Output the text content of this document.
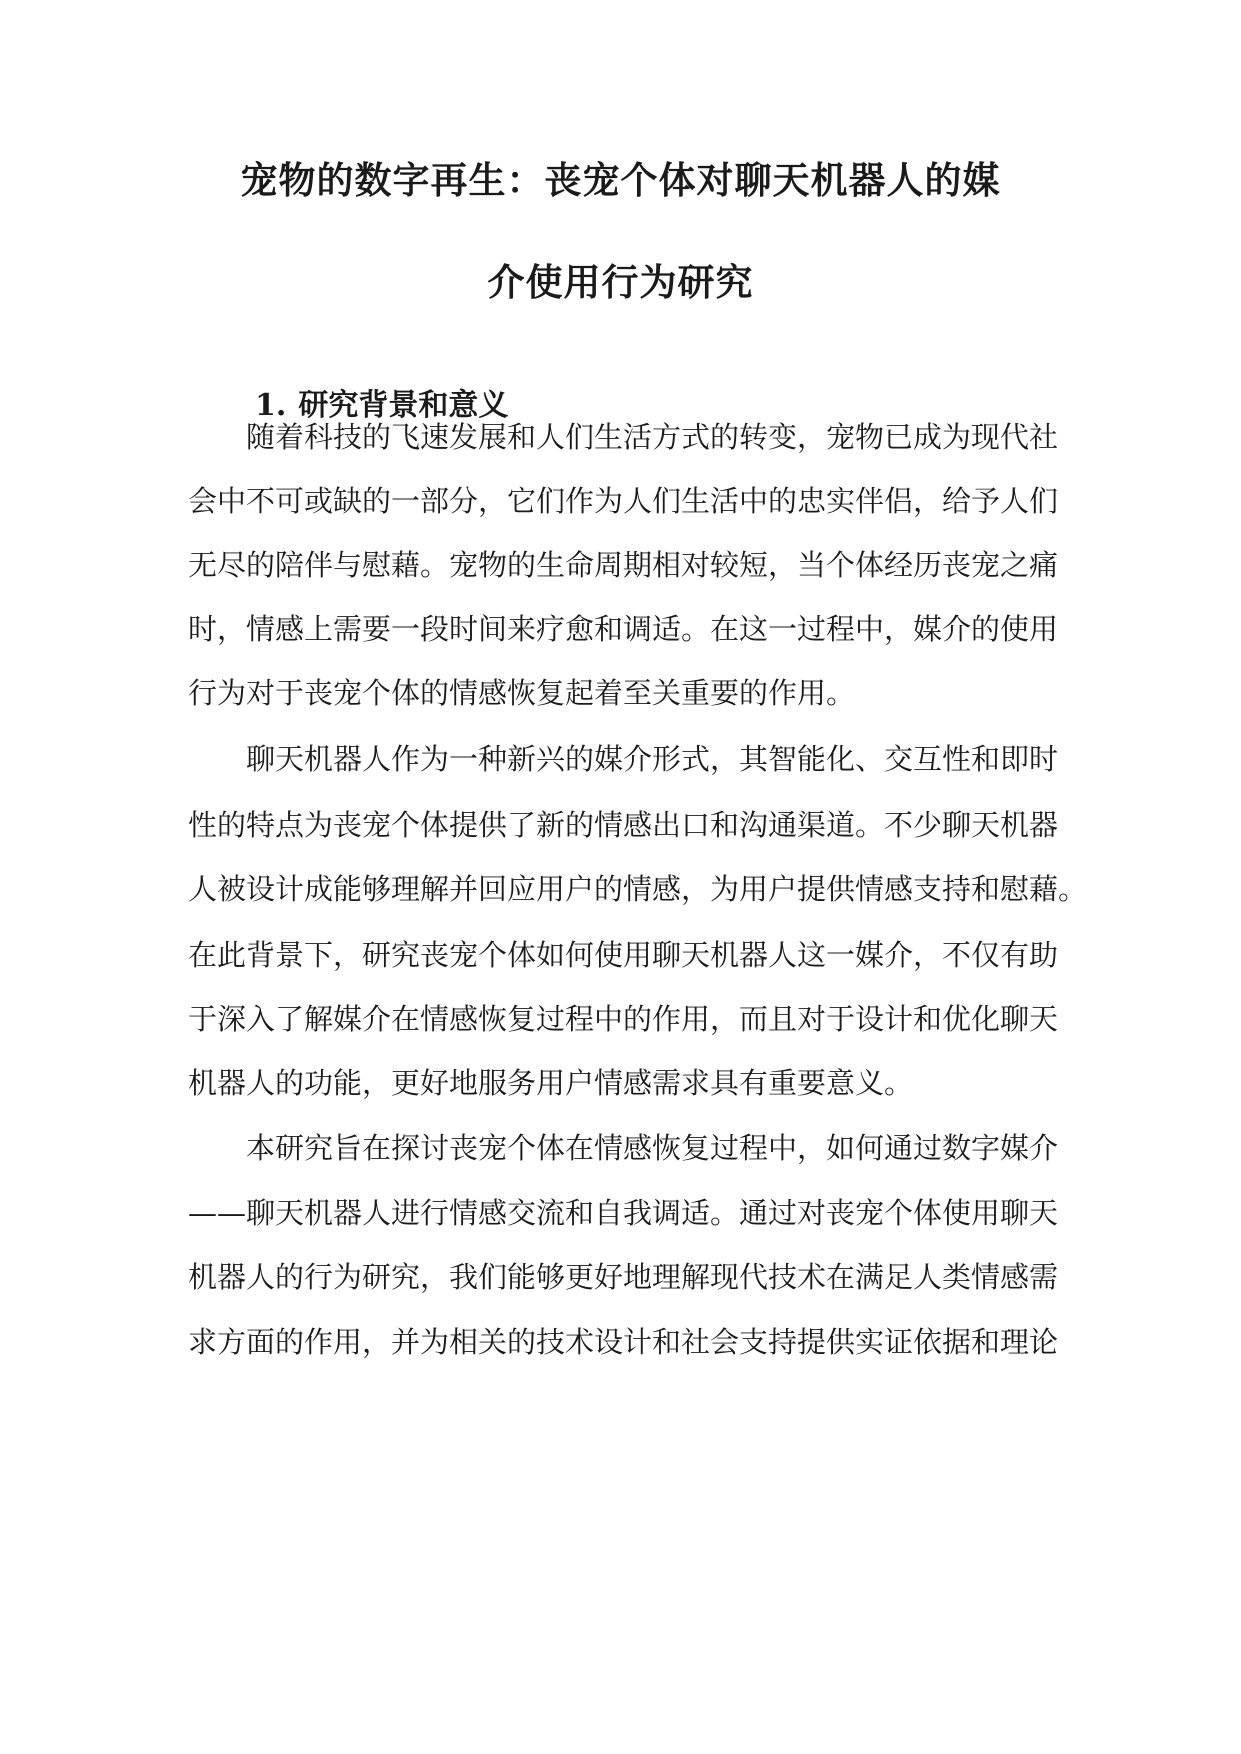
宠物的数字再生：丧宠个体对聊天机器人的媒
介使用行为研究
1. 研究背景和意义
随着科技的飞速发展和人们生活方式的转变，宠物已成为现代社
会中不可或缺的一部分，它们作为人们生活中的忠实伴侣，给予人们
无尽的陪伴与慰藉。宠物的生命周期相对较短，当个体经历丧宠之痛
时，情感上需要一段时间来疗愈和调适。在这一过程中，媒介的使用
行为对于丧宠个体的情感恢复起着至关重要的作用。
聊天机器人作为一种新兴的媒介形式，其智能化、交互性和即时
性的特点为丧宠个体提供了新的情感出口和沟通渠道。不少聊天机器
人被设计成能够理解并回应用户的情感，为用户提供情感支持和慰藉。
在此背景下，研究丧宠个体如何使用聊天机器人这一媒介，不仅有助
于深入了解媒介在情感恢复过程中的作用，而且对于设计和优化聊天
机器人的功能，更好地服务用户情感需求具有重要意义。
本研究旨在探讨丧宠个体在情感恢复过程中，如何通过数字媒介
——聊天机器人进行情感交流和自我调适。通过对丧宠个体使用聊天
机器人的行为研究，我们能够更好地理解现代技术在满足人类情感需
求方面的作用，并为相关的技术设计和社会支持提供实证依据和理论
